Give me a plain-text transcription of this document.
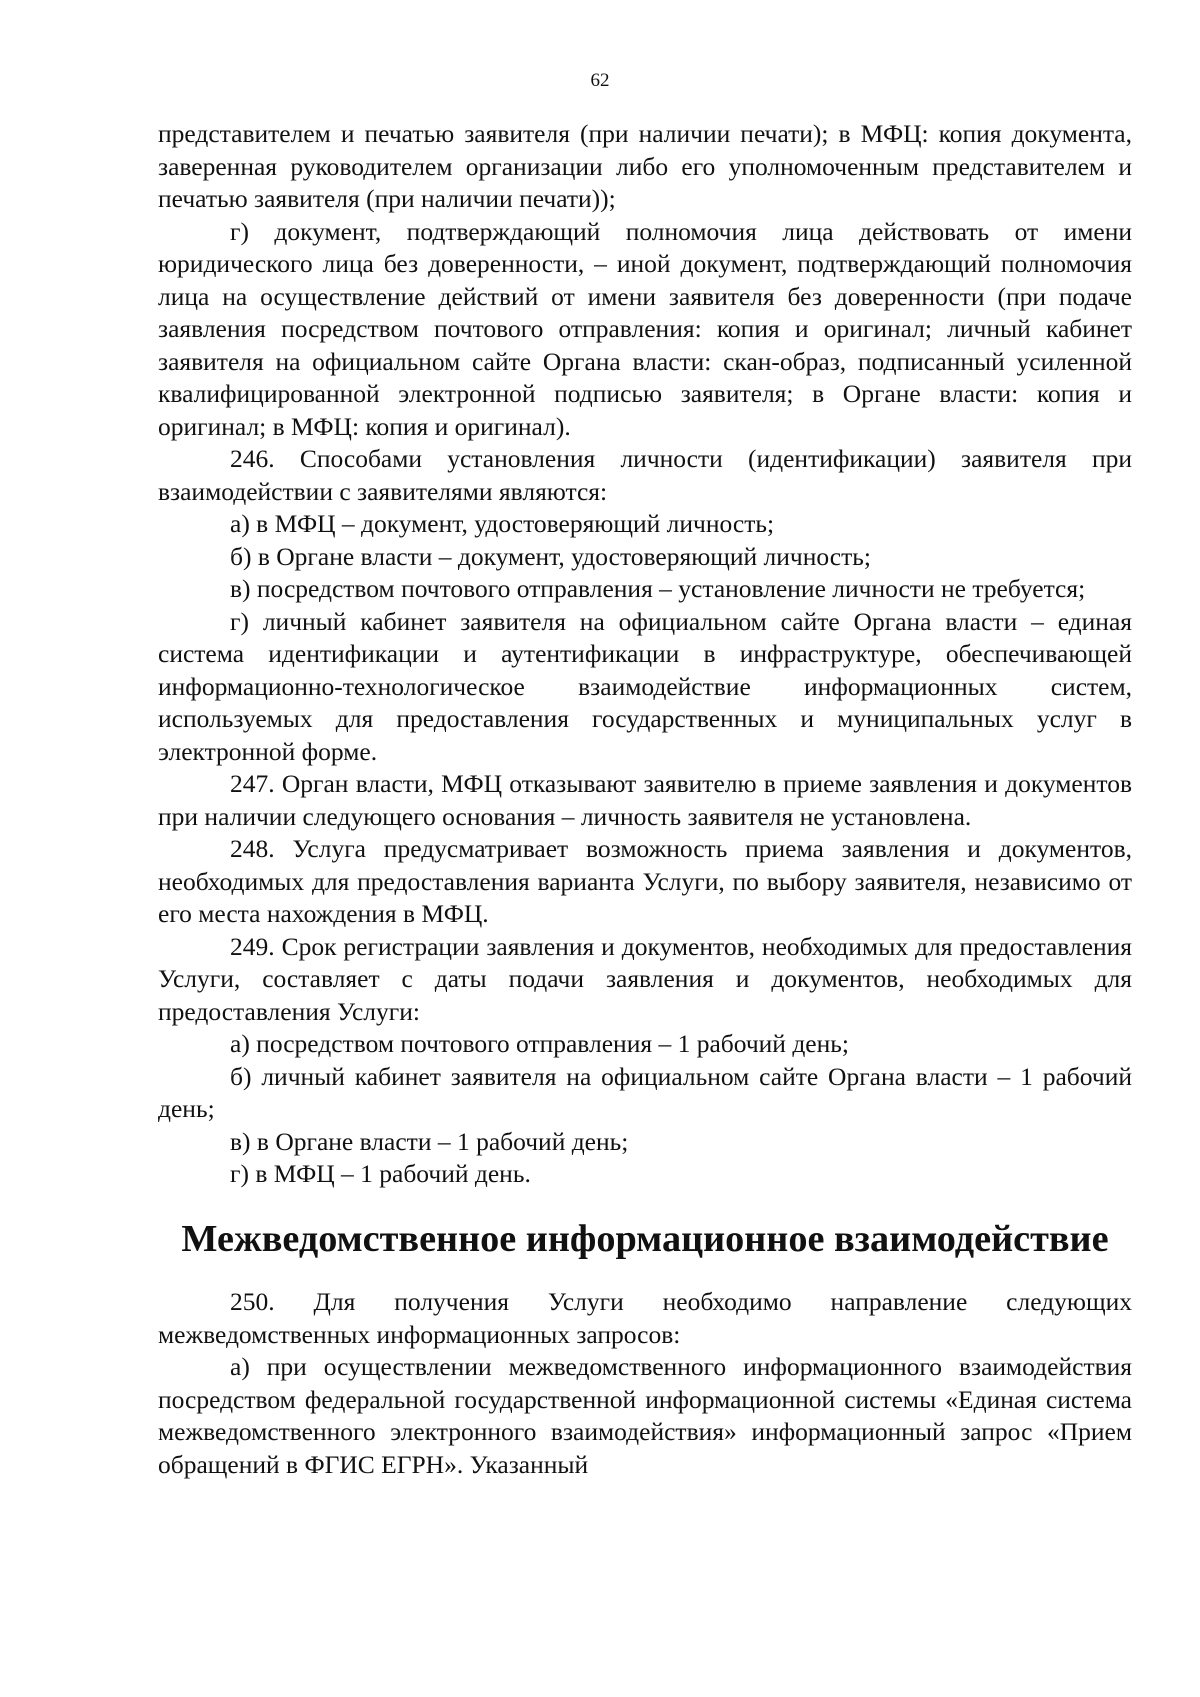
62

представителем и печатью заявителя (при наличии печати); в МФЦ: копия документа, заверенная руководителем организации либо его уполномоченным представителем и печатью заявителя (при наличии печати));

г) документ, подтверждающий полномочия лица действовать от имени юридического лица без доверенности, – иной документ, подтверждающий полномочия лица на осуществление действий от имени заявителя без доверенности (при подаче заявления посредством почтового отправления: копия и оригинал; личный кабинет заявителя на официальном сайте Органа власти: скан-образ, подписанный усиленной квалифицированной электронной подписью заявителя; в Органе власти: копия и оригинал; в МФЦ: копия и оригинал).

246. Способами установления личности (идентификации) заявителя при взаимодействии с заявителями являются:

а) в МФЦ – документ, удостоверяющий личность;

б) в Органе власти – документ, удостоверяющий личность;

в) посредством почтового отправления – установление личности не требуется;

г) личный кабинет заявителя на официальном сайте Органа власти – единая система идентификации и аутентификации в инфраструктуре, обеспечивающей информационно-технологическое взаимодействие информационных систем, используемых для предоставления государственных и муниципальных услуг в электронной форме.

247. Орган власти, МФЦ отказывают заявителю в приеме заявления и документов при наличии следующего основания – личность заявителя не установлена.

248. Услуга предусматривает возможность приема заявления и документов, необходимых для предоставления варианта Услуги, по выбору заявителя, независимо от его места нахождения в МФЦ.

249. Срок регистрации заявления и документов, необходимых для предоставления Услуги, составляет с даты подачи заявления и документов, необходимых для предоставления Услуги:

а) посредством почтового отправления – 1 рабочий день;

б) личный кабинет заявителя на официальном сайте Органа власти – 1 рабочий день;

в) в Органе власти – 1 рабочий день;

г) в МФЦ – 1 рабочий день.

Межведомственное информационное взаимодействие

250. Для получения Услуги необходимо направление следующих межведомственных информационных запросов:

а) при осуществлении межведомственного информационного взаимодействия посредством федеральной государственной информационной системы «Единая система межведомственного электронного взаимодействия» информационный запрос «Прием обращений в ФГИС ЕГРН». Указанный
